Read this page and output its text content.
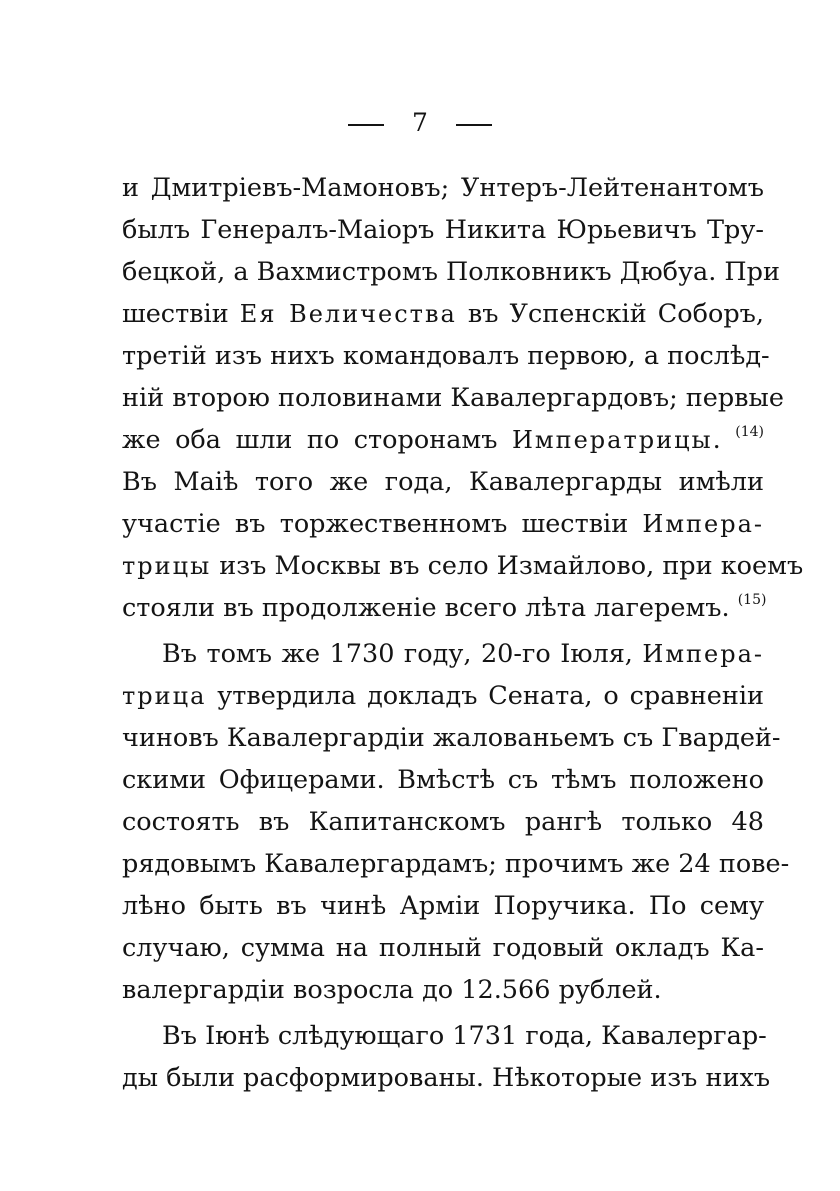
7
и Дмитріевъ-Мамоновъ; Унтеръ-Лейтенантомъ
былъ Генералъ-Маіоръ Никита Юрьевичъ Тру-
бецкой, а Вахмистромъ Полковникъ Дюбуа. При
шествіи Ея Величества въ Успенскій Соборъ,
третій изъ нихъ командовалъ первою, а послѣд-
ній второю половинами Кавалергардовъ; первые
же оба шли по сторонамъ Императрицы. $^{(14)}$
Въ Маіѣ того же года, Кавалергарды имѣли
участіе въ торжественномъ шествіи Импера-
трицы изъ Москвы въ село Измайлово, при коемъ
стояли въ продолженіе всего лѣта лагеремъ. $^{(15)}$
Въ томъ же 1730 году, 20-го Іюля, Импера-
трица утвердила докладъ Сената, о сравненіи
чиновъ Кавалергардіи жалованьемъ съ Гвардей-
скими Офицерами. Вмѣстѣ съ тѣмъ положено
состоять въ Капитанскомъ рангѣ только 48
рядовымъ Кавалергардамъ; прочимъ же 24 пове-
лѣно быть въ чинѣ Арміи Поручика. По сему
случаю, сумма на полный годовый окладъ Ка-
валергардіи возросла до 12.566 рублей.
Въ Іюнѣ слѣдующаго 1731 года, Кавалергар-
ды были расформированы. Нѣкоторые изъ нихъ
